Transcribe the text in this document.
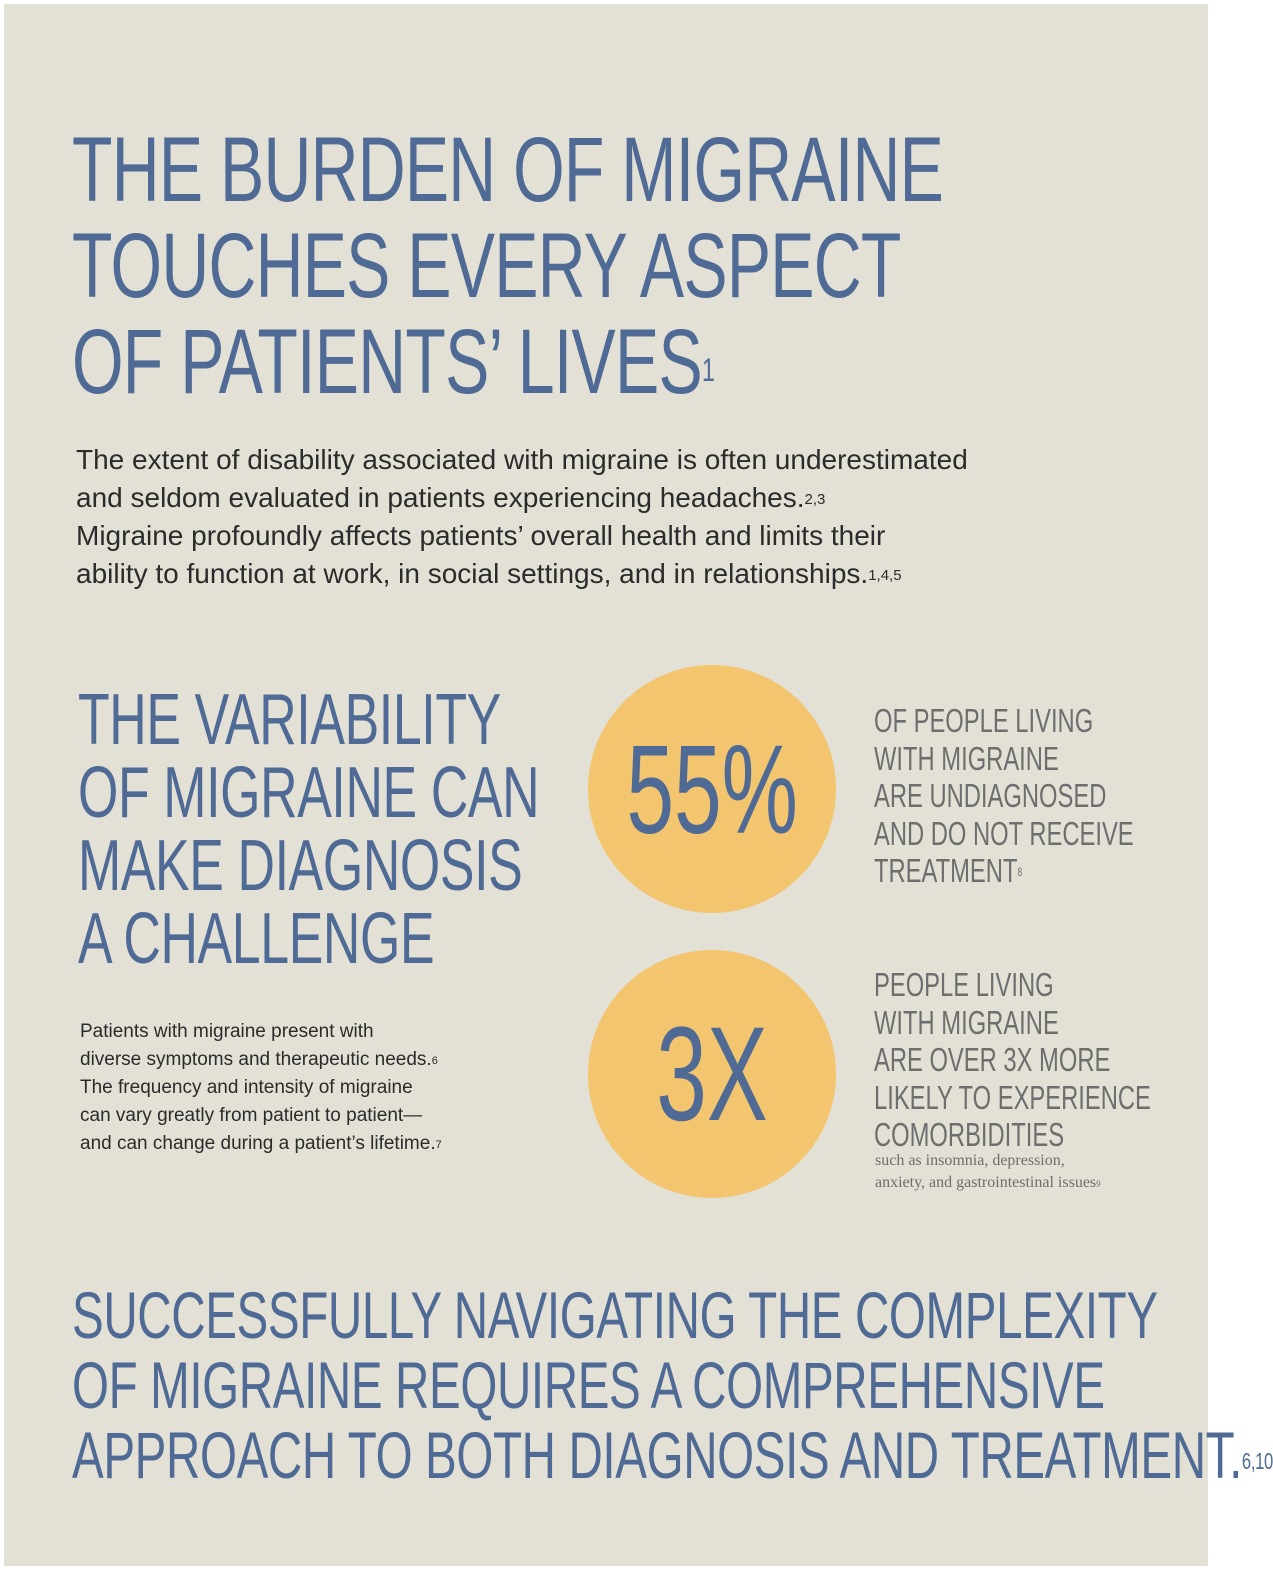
THE BURDEN OF MIGRAINE
TOUCHES EVERY ASPECT
OF PATIENTS’ LIVES$^1$

The extent of disability associated with migraine is often underestimated

and seldom evaluated in patients experiencing headaches.$^{2,3}$

Migraine profoundly affects patients’ overall health and limits their

ability to function at work, in social settings, and in relationships.$^{1,4,5}$

THE VARIABILITY
OF MIGRAINE CAN
MAKE DIAGNOSIS
A CHALLENGE
Patients with migraine present with
diverse symptoms and therapeutic needs.$^6$
The frequency and intensity of migraine
can vary greatly from patient to patient—
and can change during a patient’s lifetime.$^7$
55% OF PEOPLE LIVING
WITH MIGRAINE
ARE UNDIAGNOSED
AND DO NOT RECEIVE
TREATMENT$^8$
3X
PEOPLE LIVING
WITH MIGRAINE
ARE OVER 3X MORE
LIKELY TO EXPERIENCE
COMORBIDITIES
such as insomnia, depression,
anxiety, and gastrointestinal issues$^9$
SUCCESSFULLY NAVIGATING THE COMPLEXITY
OF MIGRAINE REQUIRES A COMPREHENSIVE
APPROACH TO BOTH DIAGNOSIS AND TREATMENT.$^{6,10}$
